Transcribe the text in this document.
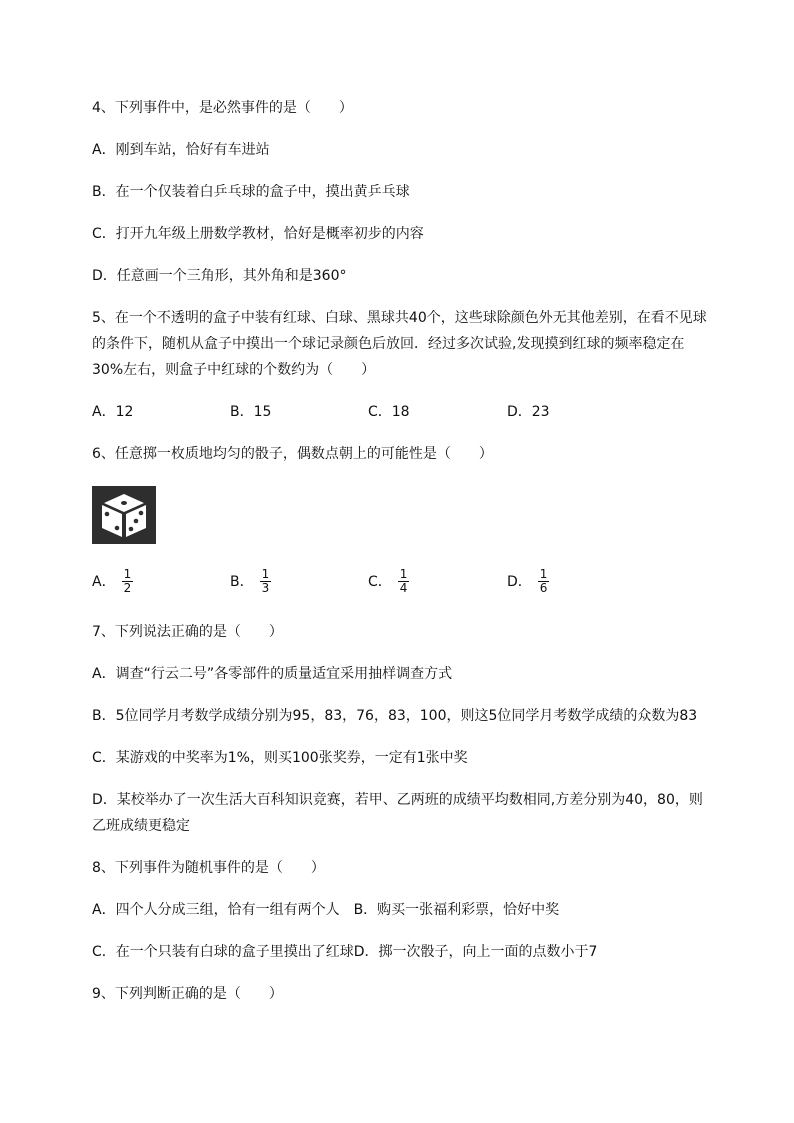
4、下列事件中，是必然事件的是（　　）
A．刚到车站，恰好有车进站
B．在一个仅装着白乒乓球的盒子中，摸出黄乒乓球
C．打开九年级上册数学教材，恰好是概率初步的内容
D．任意画一个三角形，其外角和是360°
5、在一个不透明的盒子中装有红球、白球、黑球共40个，这些球除颜色外无其他差别，在看不见球
的条件下，随机从盒子中摸出一个球记录颜色后放回．经过多次试验,发现摸到红球的频率稳定在
30%左右，则盒子中红球的个数约为（　　）
A．12	B．15	C．18	D．23
6、任意掷一枚质地均匀的骰子，偶数点朝上的可能性是（　　）
A． $\frac{1}{2}$	B． $\frac{1}{3}$	C． $\frac{1}{4}$	D． $\frac{1}{6}$
7、下列说法正确的是（　　）
A．调查“行云二号”各零部件的质量适宜采用抽样调查方式
B．5位同学月考数学成绩分别为95，83，76，83，100，则这5位同学月考数学成绩的众数为83
C．某游戏的中奖率为1%，则买100张奖券，一定有1张中奖
D．某校举办了一次生活大百科知识竞赛，若甲、乙两班的成绩平均数相同,方差分别为40，80，则
乙班成绩更稳定
8、下列事件为随机事件的是（　　）
A．四个人分成三组，恰有一组有两个人 B．购买一张福利彩票，恰好中奖
C．在一个只装有白球的盒子里摸出了红球D．掷一次骰子，向上一面的点数小于7
9、下列判断正确的是（　　）
